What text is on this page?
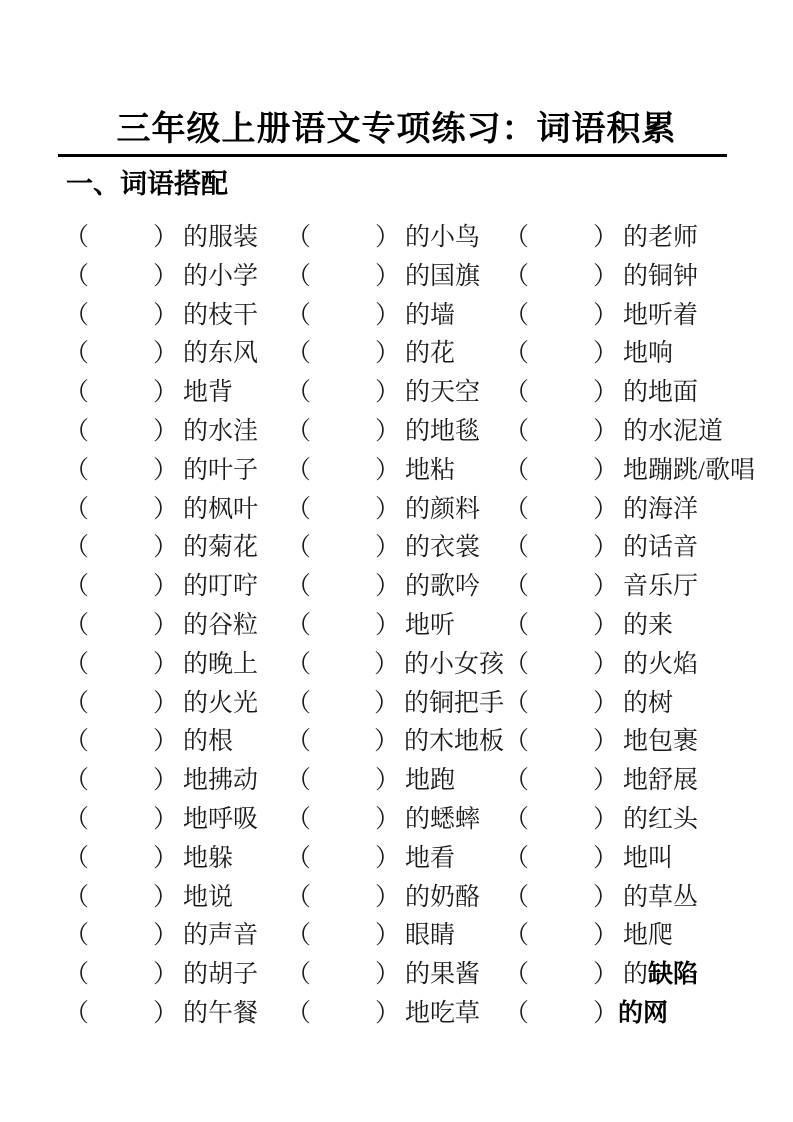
三年级上册语文专项练习：词语积累
一、词语搭配
（	） 的服装 （	） 的小鸟 （	） 的老师
（	） 的小学 （	） 的国旗 （	） 的铜钟
（	） 的枝干 （	） 的墙 （	） 地听着
（	） 的东风 （	） 的花 （	） 地响
（	） 地背 （	） 的天空 （	） 的地面
（	） 的水洼 （	） 的地毯 （	） 的水泥道
（	） 的叶子 （	） 地粘 （	） 地蹦跳/歌唱
（	） 的枫叶 （	） 的颜料 （	） 的海洋
（	） 的菊花 （	） 的衣裳 （	） 的话音
（	） 的叮咛 （	） 的歌吟 （	） 音乐厅
（	） 的谷粒 （	） 地听 （	） 的来
（	） 的晚上 （	） 的小女孩 （	） 的火焰
（	） 的火光 （	） 的铜把手 （	） 的树
（	） 的根 （	） 的木地板 （	） 地包裹
（	） 地拂动 （	） 地跑 （	） 地舒展
（	） 地呼吸 （	） 的蟋蟀 （	） 的红头
（	） 地躲 （	） 地看 （	） 地叫
（	） 地说 （	） 的奶酪 （	） 的草丛
（	） 的声音 （	） 眼睛 （	） 地爬
（	） 的胡子 （	） 的果酱 （	） 的 缺陷
（	） 的午餐 （	） 地吃草 （	） 的网
